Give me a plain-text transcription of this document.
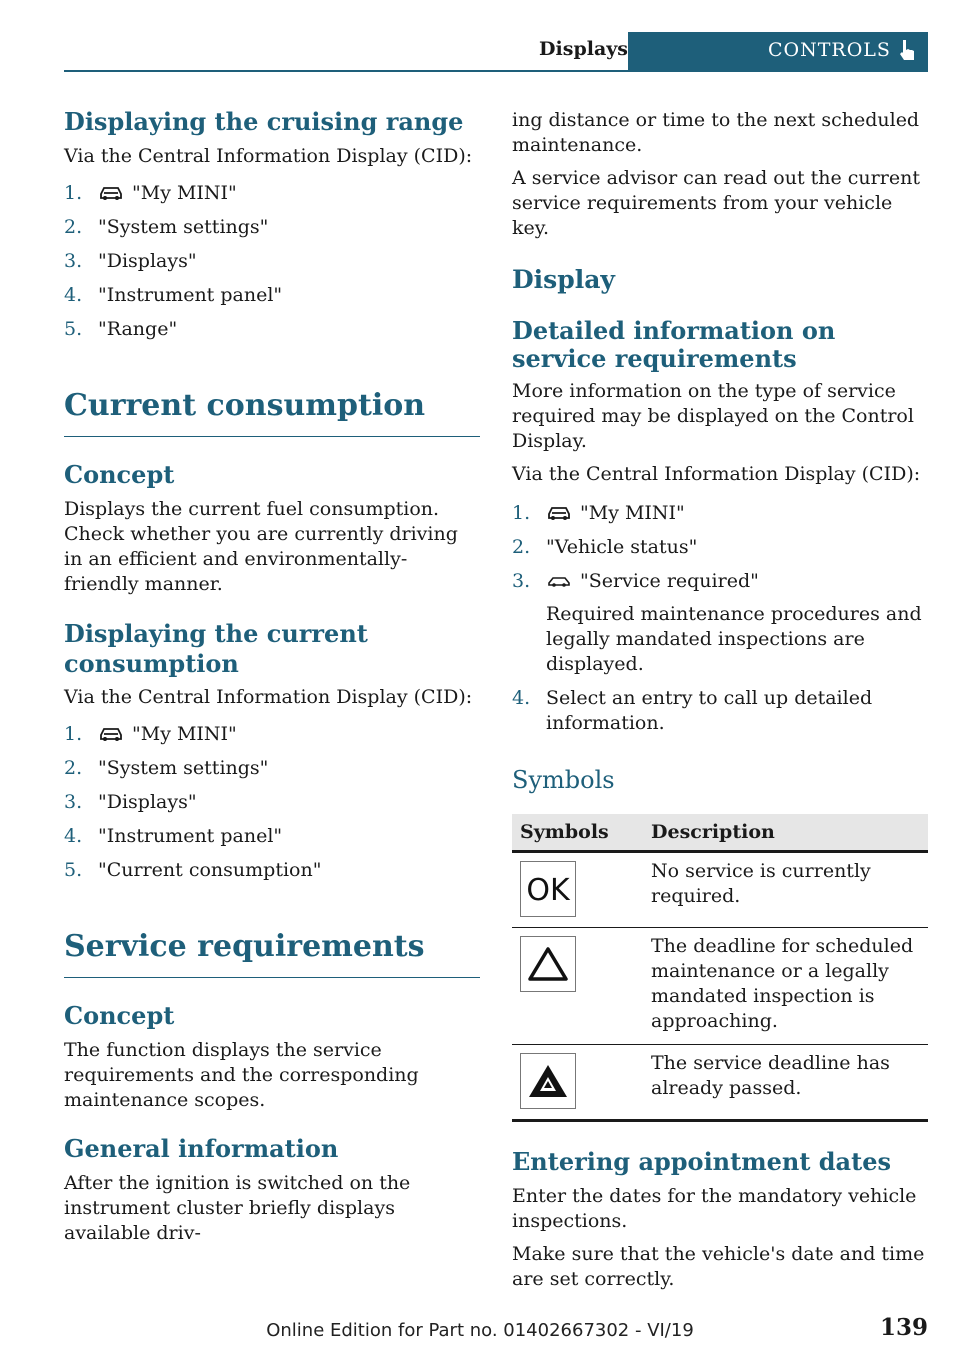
Displays	CONTROLS
Displaying the cruising range

Via the Central Information Display (CID):

1.	"My MINI"
2. "System settings"
3. "Displays"
4. "Instrument panel"
5. "Range"
Current consumption
Concept

Displays the current fuel consumption. Check whether you are currently driving in an efficient and environmentally-friendly manner.

Displaying the current consumption

Via the Central Information Display (CID):

1.	"My MINI"
2. "System settings"
3. "Displays"
4. "Instrument panel"
5. "Current consumption"
Service requirements
Concept

The function displays the service requirements and the corresponding maintenance scopes.

General information

After the ignition is switched on the instrument cluster briefly displays available driv-

ing distance or time to the next scheduled maintenance.

A service advisor can read out the current service requirements from your vehicle key.

Display
Detailed information on service requirements

More information on the type of service required may be displayed on the Control Display.

Via the Central Information Display (CID):

1.	"My MINI"
2. "Vehicle status"
3.	"Service required"
Required maintenance procedures and legally mandated inspections are displayed.
4. Select an entry to call up detailed information.
Symbols
Symbols	Description

OK	No service is currently required.

	The deadline for scheduled maintenance or a legally mandated inspection is approaching.

	The service deadline has already passed.
Entering appointment dates

Enter the dates for the mandatory vehicle inspections.

Make sure that the vehicle's date and time are set correctly.

Online Edition for Part no. 01402667302 - VI/19	139
